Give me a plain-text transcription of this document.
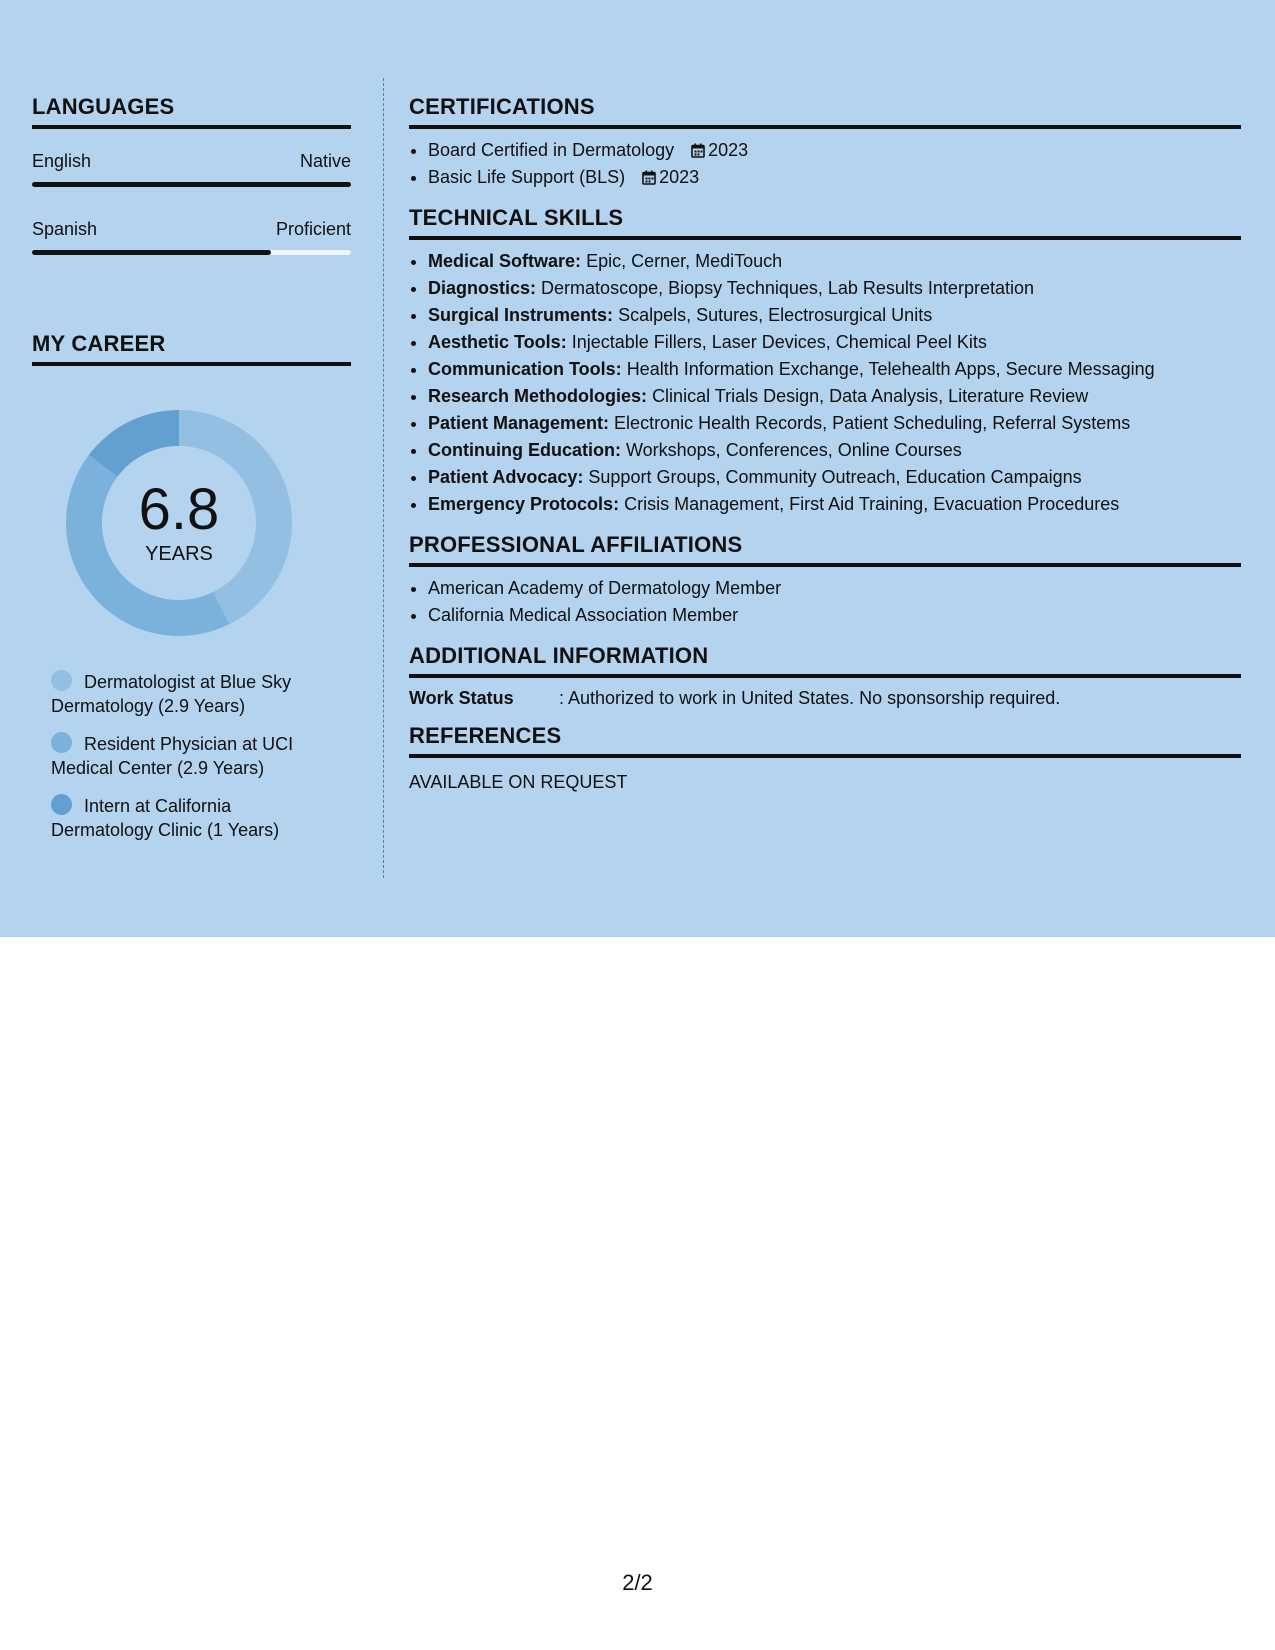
LANGUAGES
English	Native
Spanish	Proficient
MY CAREER
6.8
YEARS
Dermatologist at Blue Sky Dermatology (2.9 Years)
Resident Physician at UCI Medical Center (2.9 Years)
Intern at California Dermatology Clinic (1 Years)
CERTIFICATIONS
• Board Certified in Dermatology 2023
• Basic Life Support (BLS) 2023
TECHNICAL SKILLS
• Medical Software: Epic, Cerner, MediTouch
• Diagnostics: Dermatoscope, Biopsy Techniques, Lab Results Interpretation
• Surgical Instruments: Scalpels, Sutures, Electrosurgical Units
• Aesthetic Tools: Injectable Fillers, Laser Devices, Chemical Peel Kits
• Communication Tools: Health Information Exchange, Telehealth Apps, Secure Messaging
• Research Methodologies: Clinical Trials Design, Data Analysis, Literature Review
• Patient Management: Electronic Health Records, Patient Scheduling, Referral Systems
• Continuing Education: Workshops, Conferences, Online Courses
• Patient Advocacy: Support Groups, Community Outreach, Education Campaigns
• Emergency Protocols: Crisis Management, First Aid Training, Evacuation Procedures
PROFESSIONAL AFFILIATIONS
• American Academy of Dermatology Member
• California Medical Association Member
ADDITIONAL INFORMATION
Work Status	: Authorized to work in United States. No sponsorship required.
REFERENCES
AVAILABLE ON REQUEST
2/2
